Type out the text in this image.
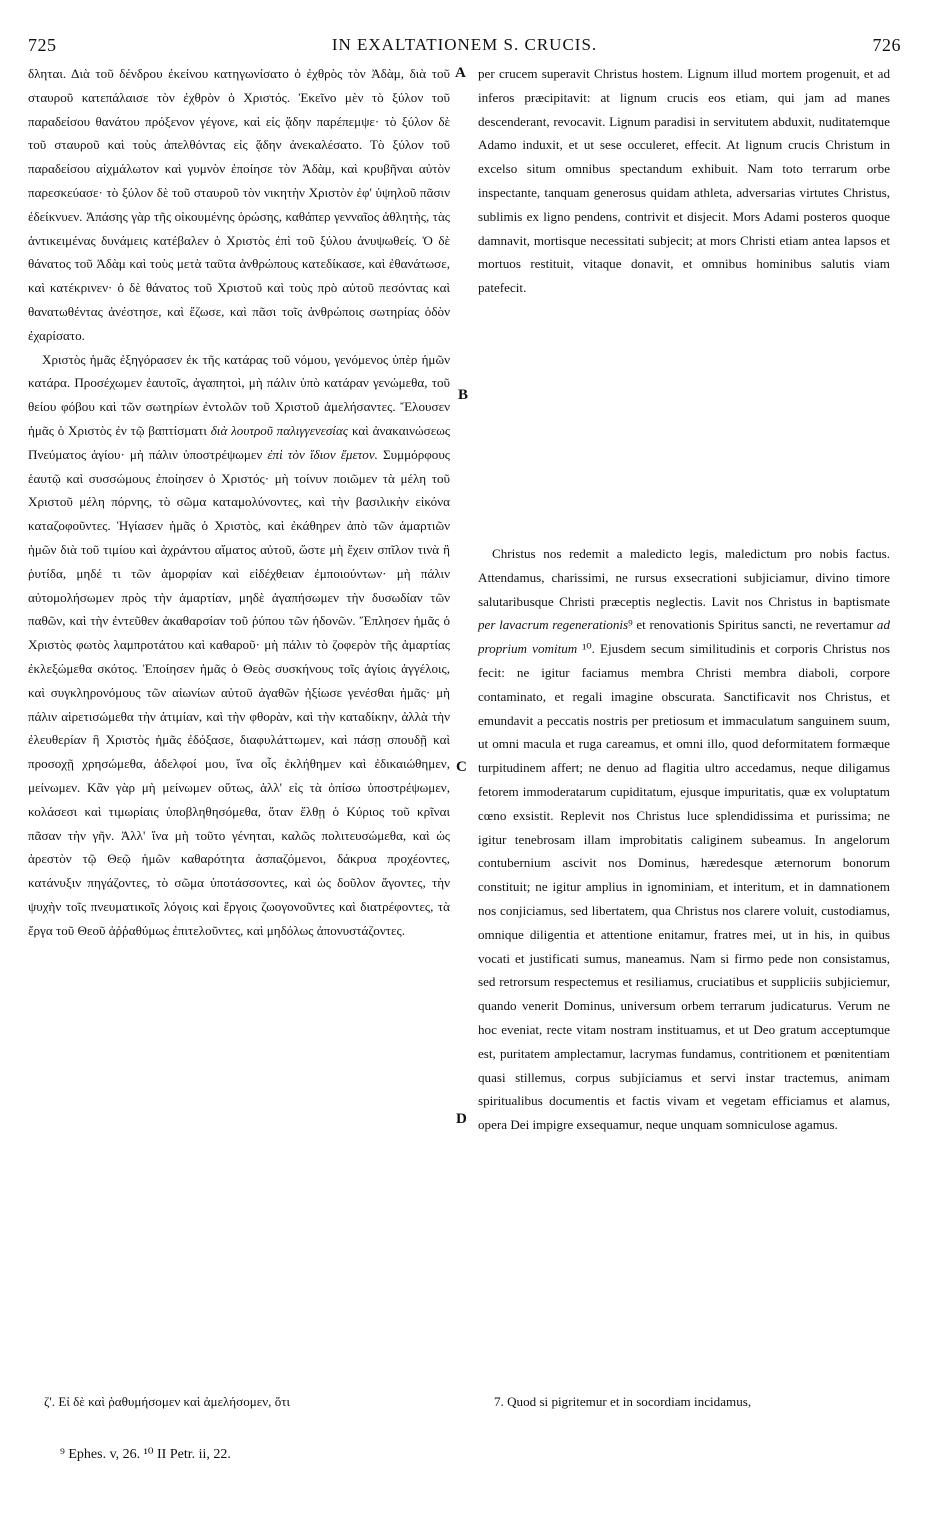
725	IN EXALTATIONEM S. CRUCIS.	726

δληται. Διὰ τοῦ δένδρου ἐκείνου κατηγωνίσατο ὁ ἐχθρὸς τὸν Ἀδὰμ, διὰ τοῦ σταυροῦ κατεπάλαισε τὸν ἐχθρὸν ὁ Χριστός. Ἐκεῖνο μὲν τὸ ξύλον τοῦ παραδείσου θανάτου πρόξενον γέγονε, καὶ εἰς ᾅδην παρέπεμψε· τὸ ξύλον δὲ τοῦ σταυροῦ καὶ τοὺς ἀπελθόντας εἰς ᾅδην ἀνεκαλέσατο. Τὸ ξύλον τοῦ παραδείσου αἰχμάλωτον καὶ γυμνὸν ἐποίησε τὸν Ἀδὰμ, καὶ κρυβῆναι αὐτὸν παρεσκεύασε· τὸ ξύλον δὲ τοῦ σταυροῦ τὸν νικητὴν Χριστὸν ἐφ' ὑψηλοῦ πᾶσιν ἐδείκνυεν. Ἁπάσης γὰρ τῆς οἰκουμένης ὁρώσης, καθάπερ γενναῖος ἀθλητὴς, τὰς ἀντικειμένας δυνάμεις κατέβαλεν ὁ Χριστὸς ἐπὶ τοῦ ξύλου ἀνυψωθείς. Ὁ δὲ θάνατος τοῦ Ἀδὰμ καὶ τοὺς μετὰ ταῦτα ἀνθρώπους κατεδίκασε, καὶ ἐθανάτωσε, καὶ κατέκρινεν· ὁ δὲ θάνατος τοῦ Χριστοῦ καὶ τοὺς πρὸ αὐτοῦ πεσόντας καὶ θανατωθέντας ἀνέστησε, καὶ ἔζωσε, καὶ πᾶσι τοῖς ἀνθρώποις σωτηρίας ὁδὸν ἐχαρίσατο.

Χριστὸς ἡμᾶς ἐξηγόρασεν ἐκ τῆς κατάρας τοῦ νόμου, γενόμενος ὑπὲρ ἡμῶν κατάρα. Προσέχωμεν ἑαυτοῖς, ἀγαπητοὶ, μὴ πάλιν ὑπὸ κατάραν γενώμεθα, τοῦ θείου φόβου καὶ τῶν σωτηρίων ἐντολῶν τοῦ Χριστοῦ ἀμελήσαντες. Ἔλουσεν ἡμᾶς ὁ Χριστὸς ἐν τῷ βαπτίσματι διὰ λουτροῦ παλιγγενεσίας καὶ ἀνακαινώσεως Πνεύματος ἁγίου· μὴ πάλιν ὑποστρέψωμεν ἐπὶ τὸν ἴδιον ἔμετον. Συμμόρφους ἑαυτῷ καὶ συσσώμους ἐποίησεν ὁ Χριστός· μὴ τοίνυν ποιῶμεν τὰ μέλη τοῦ Χριστοῦ μέλη πόρνης, τὸ σῶμα καταμολύνοντες, καὶ τὴν βασιλικὴν εἰκόνα καταζοφοῦντες. Ἡγίασεν ἡμᾶς ὁ Χριστὸς, καὶ ἐκάθηρεν ἀπὸ τῶν ἁμαρτιῶν ἡμῶν διὰ τοῦ τιμίου καὶ ἀχράντου αἵματος αὐτοῦ, ὥστε μὴ ἔχειν σπῖλον τινὰ ἢ ῥυτίδα, μηδέ τι τῶν ἀμορφίαν καὶ εἰδέχθειαν ἐμποιούντων· μὴ πάλιν αὐτομολήσωμεν πρὸς τὴν ἁμαρτίαν, μηδὲ ἀγαπήσωμεν τὴν δυσωδίαν τῶν παθῶν, καὶ τὴν ἐντεῦθεν ἀκαθαρσίαν τοῦ ῥύπου τῶν ἡδονῶν. Ἔπλησεν ἡμᾶς ὁ Χριστὸς φωτὸς λαμπροτάτου καὶ καθαροῦ· μὴ πάλιν τὸ ζοφερὸν τῆς ἁμαρτίας ἐκλεξώμεθα σκότος. Ἐποίησεν ἡμᾶς ὁ Θεὸς συσκήνους τοῖς ἁγίοις ἀγγέλοις, καὶ συγκληρονόμους τῶν αἰωνίων αὐτοῦ ἀγαθῶν ἠξίωσε γενέσθαι ἡμᾶς· μὴ πάλιν αἱρετισώμεθα τὴν ἀτιμίαν, καὶ τὴν φθορὰν, καὶ τὴν καταδίκην, ἀλλὰ τὴν ἐλευθερίαν ἣ Χριστὸς ἡμᾶς ἐδόξασε, διαφυλάττωμεν, καὶ πάσῃ σπουδῇ καὶ προσοχῇ χρησώμεθα, ἀδελφοί μου, ἵνα οἷς ἐκλήθημεν καὶ ἐδικαιώθημεν, μείνωμεν. Κἂν γὰρ μὴ μείνωμεν οὕτως, ἀλλ' εἰς τὰ ὀπίσω ὑποστρέψωμεν, κολάσεσι καὶ τιμωρίαις ὑποβληθησόμεθα, ὅταν ἔλθῃ ὁ Κύριος τοῦ κρῖναι πᾶσαν τὴν γῆν. Ἀλλ' ἵνα μὴ τοῦτο γένηται, καλῶς πολιτευσώμεθα, καὶ ὡς ἀρεστὸν τῷ Θεῷ ἡμῶν καθαρότητα ἀσπαζόμενοι, δάκρυα προχέοντες, κατάνυξιν πηγάζοντες, τὸ σῶμα ὑποτάσσοντες, καὶ ὡς δοῦλον ἄγοντες, τὴν ψυχὴν τοῖς πνευματικοῖς λόγοις καὶ ἔργοις ζωογονοῦντες καὶ διατρέφοντες, τὰ ἔργα τοῦ Θεοῦ ἀῤῥαθύμως ἐπιτελοῦντες, καὶ μηδόλως ἀπονυστάζοντες.

per crucem superavit Christus hostem. Lignum illud mortem progenuit, et ad inferos præcipitavit: at lignum crucis eos etiam, qui jam ad manes descenderant, revocavit. Lignum paradisi in servitutem abduxit, nuditatemque Adamo induxit, et ut sese occuleret, effecit. At lignum crucis Christum in excelso situm omnibus spectandum exhibuit. Nam toto terrarum orbe inspectante, tanquam generosus quidam athleta, adversarias virtutes Christus, sublimis ex ligno pendens, contrivit et disjecit. Mors Adami posteros quoque damnavit, mortisque necessitati subjecit; at mors Christi etiam antea lapsos et mortuos restituit, vitaque donavit, et omnibus hominibus salutis viam patefecit.

Christus nos redemit a maledicto legis, maledictum pro nobis factus. Attendamus, charissimi, ne rursus exsecrationi subjiciamur, divino timore salutaribusque Christi præceptis neglectis. Lavit nos Christus in baptismate per lavacrum regenerationis⁹ et renovationis Spiritus sancti, ne revertamur ad proprium vomitum ¹⁰. Ejusdem secum similitudinis et corporis Christus nos fecit: ne igitur faciamus membra Christi membra diaboli, corpore contaminato, et regali imagine obscurata. Sanctificavit nos Christus, et emundavit a peccatis nostris per pretiosum et immaculatum sanguinem suum, ut omni macula et ruga careamus, et omni illo, quod deformitatem formæque turpitudinem affert; ne denuo ad flagitia ultro accedamus, neque diligamus fetorem immoderatarum cupiditatum, ejusque impuritatis, quæ ex voluptatum cœno exsistit. Replevit nos Christus luce splendidissima et purissima; ne igitur tenebrosam illam improbitatis caliginem subeamus. In angelorum contubernium ascivit nos Dominus, hæredesque æternorum bonorum constituit; ne igitur amplius in ignominiam, et interitum, et in damnationem nos conjiciamus, sed libertatem, qua Christus nos clarere voluit, custodiamus, omnique diligentia et attentione enitamur, fratres mei, ut in his, in quibus vocati et justificati sumus, maneamus. Nam si firmo pede non consistamus, sed retrorsum respectemus et resiliamus, cruciatibus et suppliciis subjiciemur, quando venerit Dominus, universum orbem terrarum judicaturus. Verum ne hoc eveniat, recte vitam nostram instituamus, et ut Deo gratum acceptumque est, puritatem amplectamur, lacrymas fundamus, contritionem et pœnitentiam quasi stillemus, corpus subjiciamus et servi instar tractemus, animam spiritualibus documentis et factis vivam et vegetam efficiamus et alamus, opera Dei impigre exsequamur, neque unquam somniculose agamus.

A
B
C
D
ζ'. Εἰ δὲ καὶ ῥαθυμήσομεν καὶ ἀμελήσομεν, ὅτι	7. Quod si pigritemur et in socordiam incidamus,
⁹ Ephes. v, 26. ¹⁰ II Petr. ii, 22.
